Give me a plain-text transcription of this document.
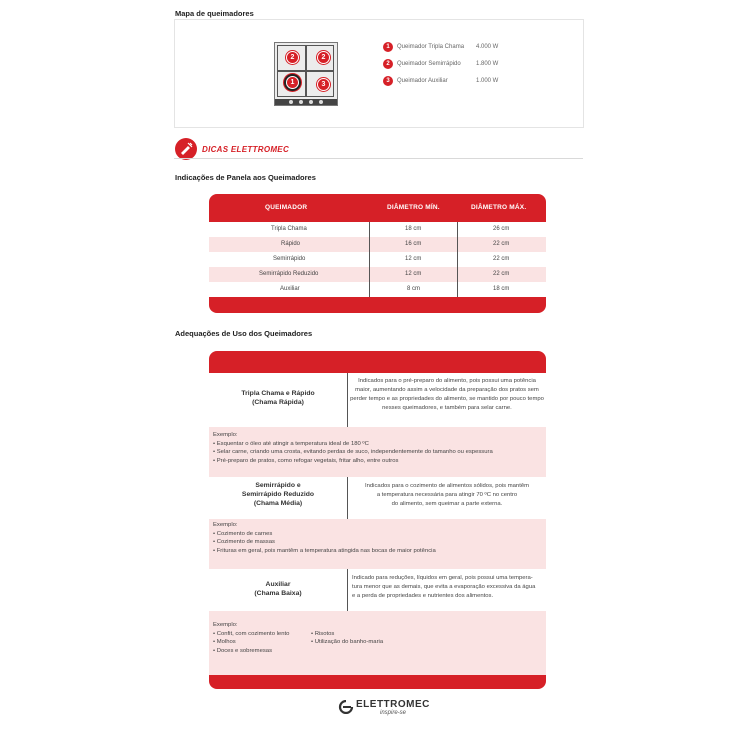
Mapa de queimadores
2	2
1	3
1	Queimador Tripla Chama 4.000 W
2	Queimador Semirrápido	1.800 W
3	Queimador Auxiliar	1.000 W
DICAS ELETTROMEC
Indicações de Panela aos Queimadores
QUEIMADOR	DIÂMETRO MÍN.	DIÂMETRO MÁX.
Tripla Chama	18 cm	26 cm
Rápido	16 cm	22 cm
Semirrápido	12 cm	22 cm
Semirrápido Reduzido	12 cm	22 cm
Auxiliar	8 cm	18 cm
Adequações de Uso dos Queimadores
Tripla Chama e Rápido
(Chama Rápida)
Indicados para o pré-preparo do alimento, pois possui uma potência
maior, aumentando assim a velocidade da preparação dos pratos sem
perder tempo e as propriedades do alimento, se mantido por pouco tempo
nesses queimadores, e também para selar carne.
Exemplo:
• Esquentar o óleo até atingir a temperatura ideal de 180 ºC
• Selar carne, criando uma crosta, evitando perdas de suco, independentemente do tamanho ou espessura
• Pré-preparo de pratos, como refogar vegetais, fritar alho, entre outros
Semirrápido e
Semirrápido Reduzido
(Chama Média)
Indicados para o cozimento de alimentos sólidos, pois mantêm
a temperatura necessária para atingir 70 ºC no centro
do alimento, sem queimar a parte externa.
Exemplo:
• Cozimento de carnes
• Cozimento de massas
• Frituras em geral, pois mantêm a temperatura atingida nas bocas de maior potência
Auxiliar
(Chama Baixa)
Indicado para reduções, líquidos em geral, pois possui uma tempera-
tura menor que as demais, que evita a evaporação excessiva da água
e a perda de propriedades e nutrientes dos alimentos.
Exemplo:
• Confit, com cozimento lento
• Molhos
• Doces e sobremesas
• Risotos
• Utilização do banho-maria
ELETTROMEC
inspire-se
